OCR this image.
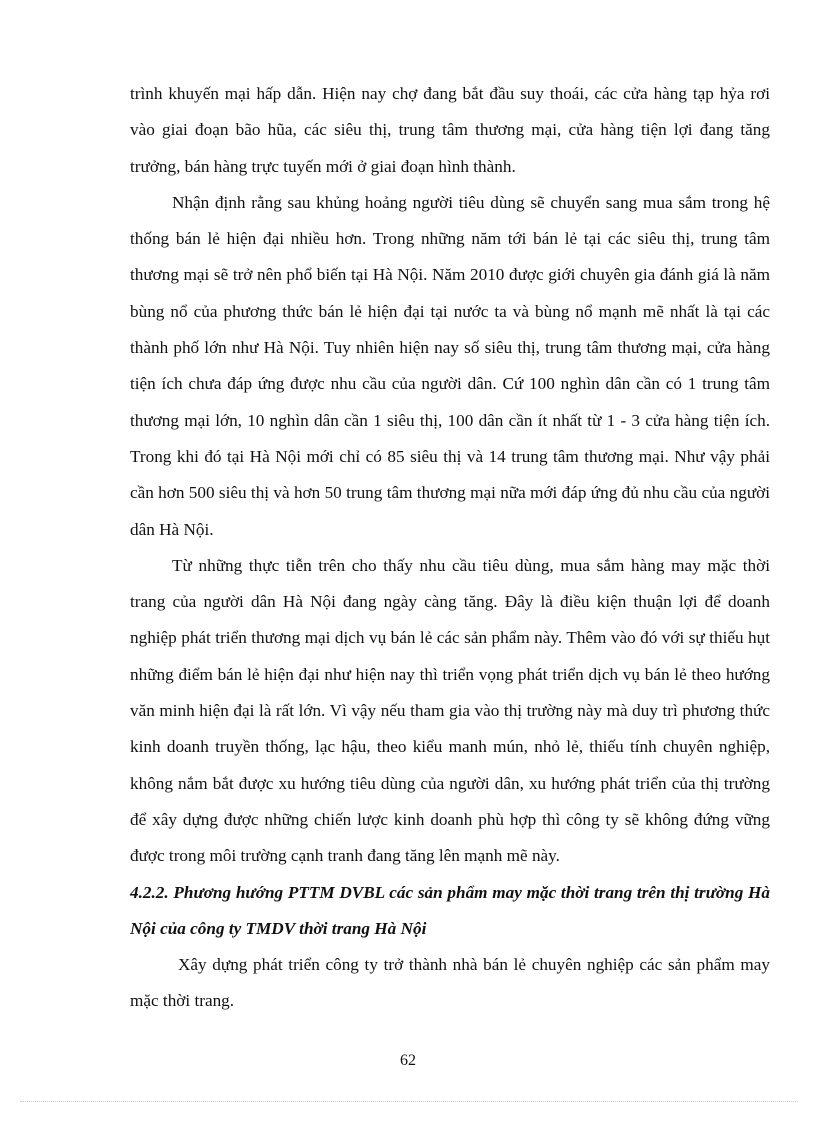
trình khuyến mại hấp dẫn. Hiện nay chợ đang bắt đầu suy thoái, các cửa hàng tạp hỷa rơi vào giai đoạn bão hũa, các siêu thị, trung tâm thương mại, cửa hàng tiện lợi đang tăng trưởng, bán hàng trực tuyến mới ở giai đoạn hình thành.

Nhận định rằng sau khủng hoảng người tiêu dùng sẽ chuyển sang mua sắm trong hệ thống bán lẻ hiện đại nhiều hơn. Trong những năm tới bán lẻ tại các siêu thị, trung tâm thương mại sẽ trở nên phổ biến tại Hà Nội. Năm 2010 được giới chuyên gia đánh giá là năm bùng nổ của phương thức bán lẻ hiện đại tại nước ta và bùng nổ mạnh mẽ nhất là tại các thành phố lớn như Hà Nội. Tuy nhiên hiện nay số siêu thị, trung tâm thương mại, cửa hàng tiện ích chưa đáp ứng được nhu cầu của người dân. Cứ 100 nghìn dân cần có 1 trung tâm thương mại lớn, 10 nghìn dân cần 1 siêu thị, 100 dân cần ít nhất từ 1 - 3 cửa hàng tiện ích. Trong khi đó tại Hà Nội mới chỉ có 85 siêu thị và 14 trung tâm thương mại. Như vậy phải cần hơn 500 siêu thị và hơn 50 trung tâm thương mại nữa mới đáp ứng đủ nhu cầu của người dân Hà Nội.

Từ những thực tiễn trên cho thấy nhu cầu tiêu dùng, mua sắm hàng may mặc thời trang của người dân Hà Nội đang ngày càng tăng. Đây là điều kiện thuận lợi để doanh nghiệp phát triển thương mại dịch vụ bán lẻ các sản phẩm này. Thêm vào đó với sự thiếu hụt những điểm bán lẻ hiện đại như hiện nay thì triển vọng phát triển dịch vụ bán lẻ theo hướng văn minh hiện đại là rất lớn. Vì vậy nếu tham gia vào thị trường này mà duy trì phương thức kinh doanh truyền thống, lạc hậu, theo kiểu manh mún, nhỏ lẻ, thiếu tính chuyên nghiệp, không nắm bắt được xu hướng tiêu dùng của người dân, xu hướng phát triển của thị trường để xây dựng được những chiến lược kinh doanh phù hợp thì công ty sẽ không đứng vững được trong môi trường cạnh tranh đang tăng lên mạnh mẽ này.

4.2.2. Phương hướng PTTM DVBL các sản phẩm may mặc thời trang trên thị trường Hà Nội của công ty TMDV thời trang Hà Nội

Xây dựng phát triển công ty trở thành nhà bán lẻ chuyên nghiệp các sản phẩm may mặc thời trang.

62
